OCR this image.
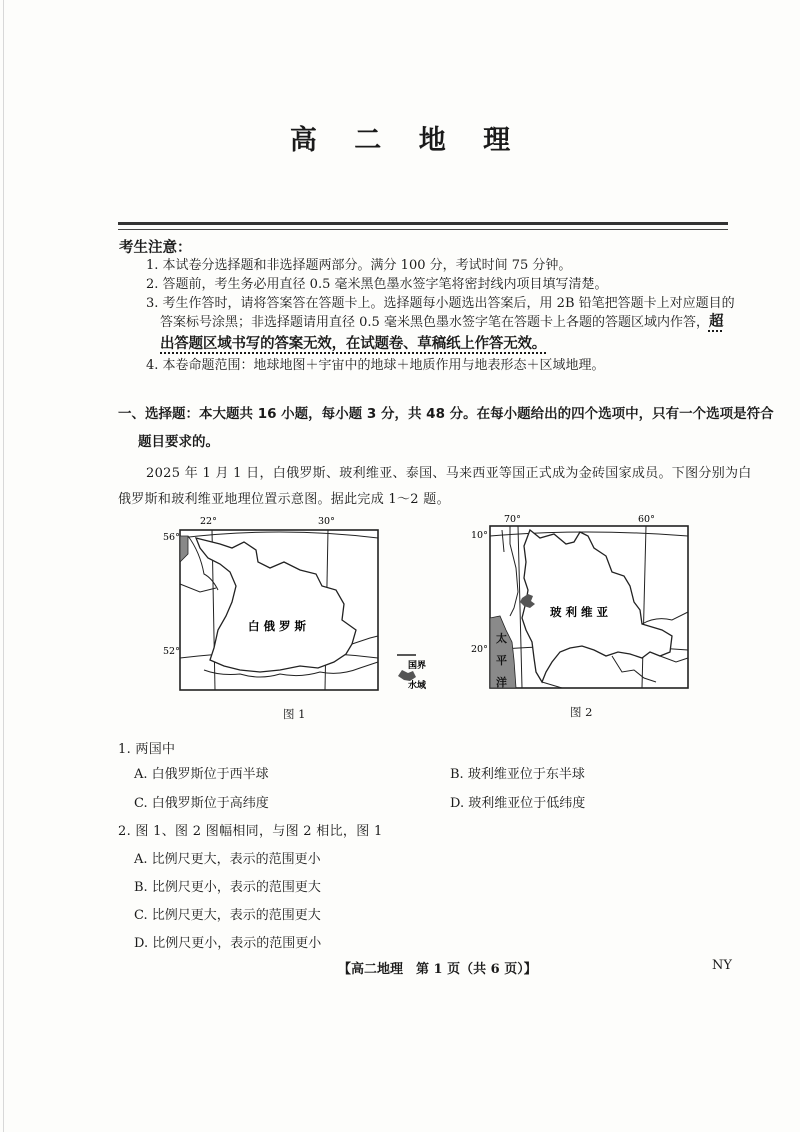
高 二 地 理
考生注意：
1. 本试卷分选择题和非选择题两部分。满分 100 分，考试时间 75 分钟。
2. 答题前，考生务必用直径 0.5 毫米黑色墨水签字笔将密封线内项目填写清楚。
3. 考生作答时，请将答案答在答题卡上。选择题每小题选出答案后，用 2B 铅笔把答题卡上对应题目的
答案标号涂黑；非选择题请用直径 0.5 毫米黑色墨水签字笔在答题卡上各题的答题区域内作答，超
出答题区域书写的答案无效，在试题卷、草稿纸上作答无效。
4. 本卷命题范围：地球地图＋宇宙中的地球＋地质作用与地表形态＋区域地理。
一、选择题：本大题共 16 小题，每小题 3 分，共 48 分。在每小题给出的四个选项中，只有一个选项是符合
题目要求的。
2025 年 1 月 1 日，白俄罗斯、玻利维亚、泰国、马来西亚等国正式成为金砖国家成员。下图分别为白
俄罗斯和玻利维亚地理位置示意图。据此完成 1～2 题。
22°	30°
56°
52°
白 俄 罗 斯
国界
水域
图 1
70°	60°
10°
20°
玻 利 维 亚
太
平
洋
图 2
1. 两国中
A. 白俄罗斯位于西半球	B. 玻利维亚位于东半球
C. 白俄罗斯位于高纬度	D. 玻利维亚位于低纬度
2. 图 1、图 2 图幅相同，与图 2 相比，图 1
A. 比例尺更大，表示的范围更小
B. 比例尺更小，表示的范围更大
C. 比例尺更大，表示的范围更大
D. 比例尺更小，表示的范围更小
【高二地理　第 1 页（共 6 页）】	NY
